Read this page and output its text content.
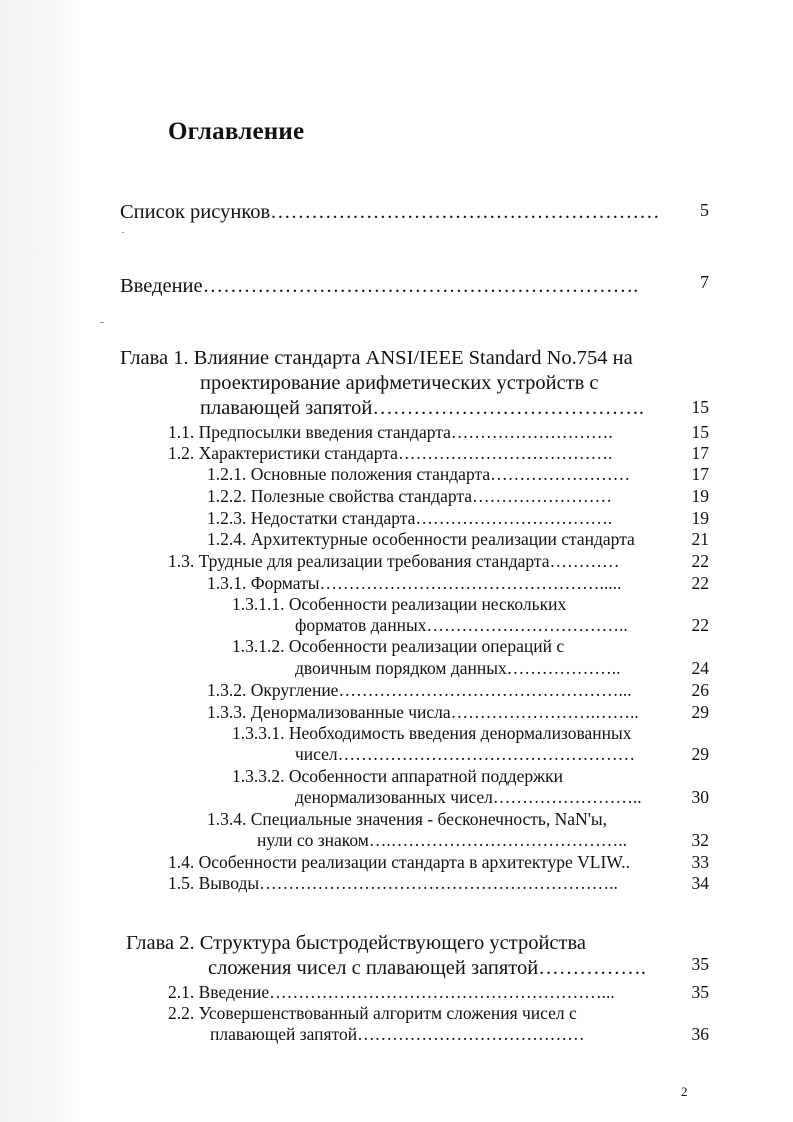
Оглавление
Список рисунков…………………………………………………	5
Введение……………………………………………………….	7
Глава 1. Влияние стандарта ANSI/IEEE Standard No.754 на
проектирование арифметических устройств с
плавающей запятой………………………………….	15
1.1. Предпосылки введения стандарта……………………….	15
1.2. Характеристики стандарта……………………………….	17
1.2.1. Основные положения стандарта……………………	17
1.2.2. Полезные свойства стандарта……………………	19
1.2.3. Недостатки стандарта…………………………….	19
1.2.4. Архитектурные особенности реализации стандарта	21
1.3. Трудные для реализации требования стандарта…………	22
1.3.1. Форматы………………………………………….....	22
1.3.1.1. Особенности реализации нескольких
форматов данных……………………………..	22
1.3.1.2. Особенности реализации операций с
двоичным порядком данных………………..	24
1.3.2. Округление…………………………………………...	26
1.3.3. Денормализованные числа…………………….……..	29
1.3.3.1. Необходимость введения денормализованных
чисел……………………………………………	29
1.3.3.2. Особенности аппаратной поддержки
денормализованных чисел……………………..	30
1.3.4. Специальные значения - бесконечность, NaN'ы,
нули со знаком….…………………………………..	32
1.4. Особенности реализации стандарта в архитектуре VLIW..	33
1.5. Выводы……………………………………………………..	34
Глава 2. Структура быстродействующего устройства
сложения чисел с плавающей запятой…………….	35
2.1. Введение…………………………………………………...	35
2.2. Усовершенствованный алгоритм сложения чисел с
плавающей запятой…………………………………	36
2
